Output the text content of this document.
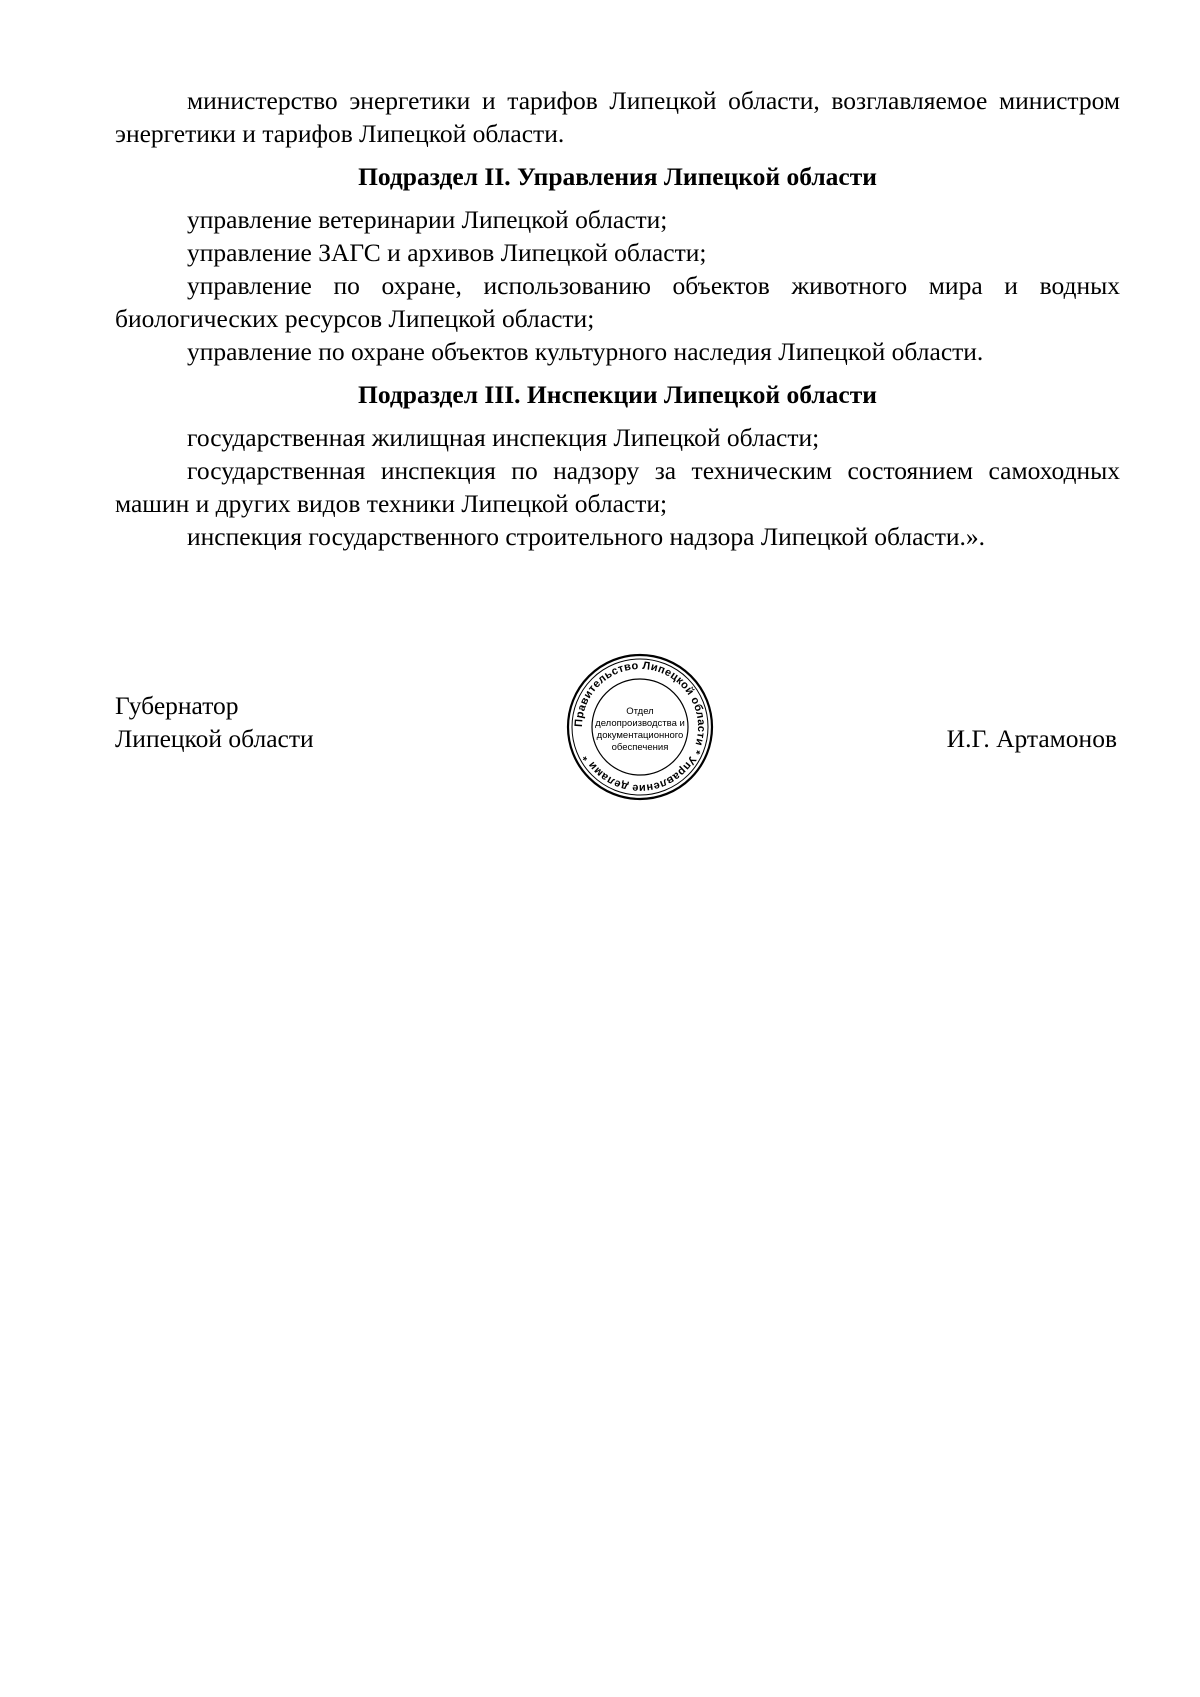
министерство энергетики и тарифов Липецкой области, возглавляемое министром энергетики и тарифов Липецкой области.

Подраздел II. Управления Липецкой области

управление ветеринарии Липецкой области;

управление ЗАГС и архивов Липецкой области;

управление по охране, использованию объектов животного мира и водных биологических ресурсов Липецкой области;

управление по охране объектов культурного наследия Липецкой области.

Подраздел III. Инспекции Липецкой области

государственная жилищная инспекция Липецкой области;

государственная инспекция по надзору за техническим состоянием самоходных машин и других видов техники Липецкой области;

инспекция государственного строительного надзора Липецкой области.».

Губернатор
Липецкой области
Правительство Липецкой области * Управление делами *
Отдел
делопроизводства и
документационного
обеспечения	И.Г. Артамонов
